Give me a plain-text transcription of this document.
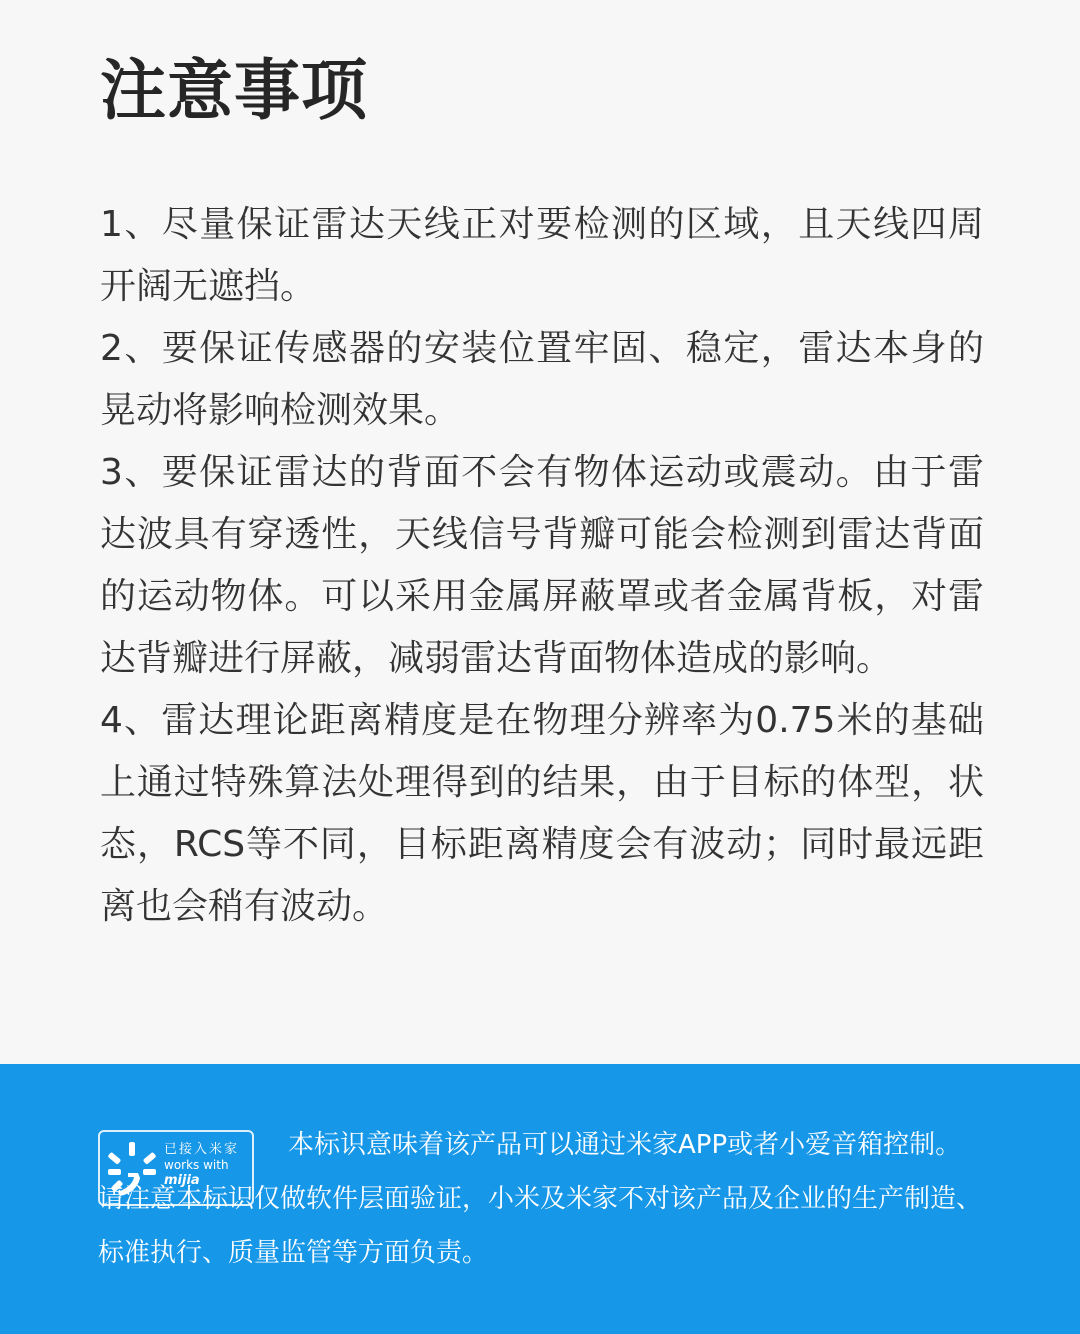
注意事项

1、尽量保证雷达天线正对要检测的区域，且天线四周开阔无遮挡。

2、要保证传感器的安装位置牢固、稳定，雷达本身的晃动将影响检测效果。

3、要保证雷达的背面不会有物体运动或震动。由于雷达波具有穿透性，天线信号背瓣可能会检测到雷达背面的运动物体。可以采用金属屏蔽罩或者金属背板，对雷达背瓣进行屏蔽，减弱雷达背面物体造成的影响。

4、雷达理论距离精度是在物理分辨率为0.75米的基础上通过特殊算法处理得到的结果，由于目标的体型，状态，RCS等不同，目标距离精度会有波动；同时最远距离也会稍有波动。

已接入米家
works with
mijia

本标识意味着该产品可以通过米家APP或者小爱音箱控制。请注意本标识仅做软件层面验证，小米及米家不对该产品及企业的生产制造、标准执行、质量监管等方面负责。
